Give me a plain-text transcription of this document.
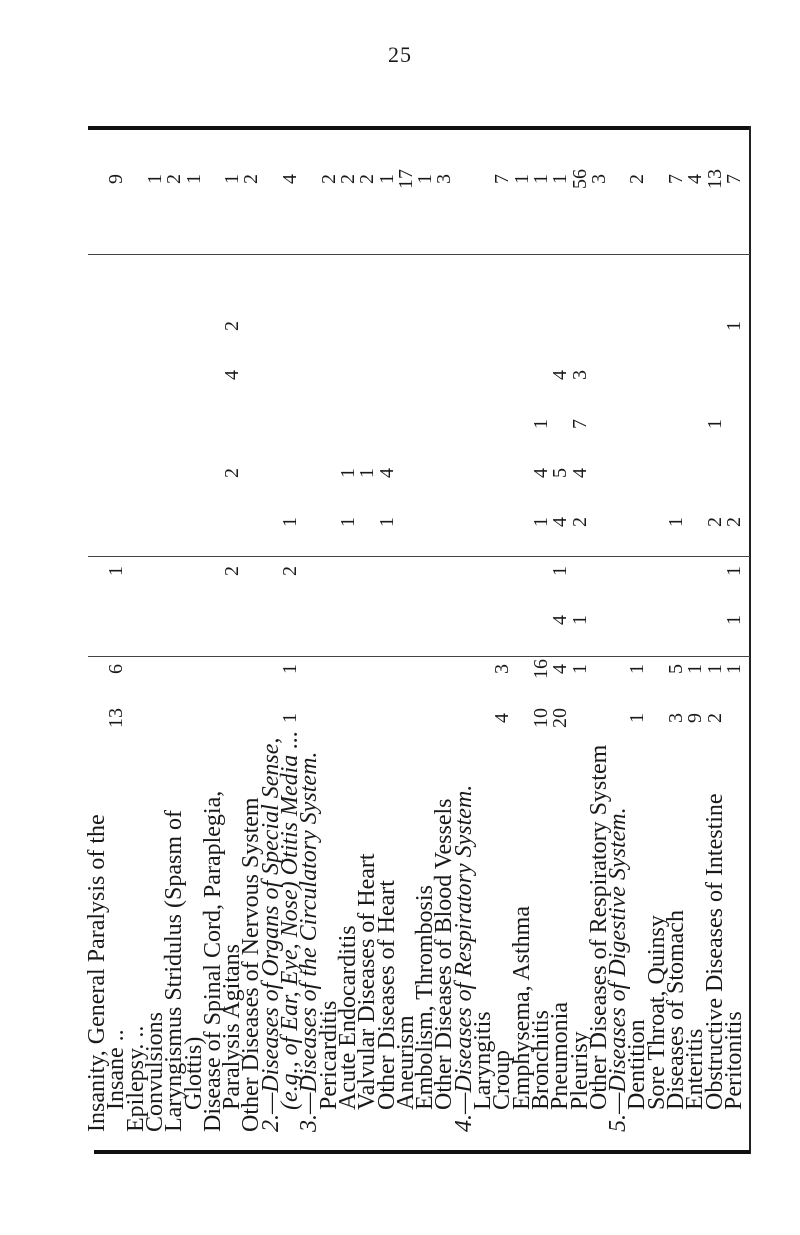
25
Insanity, General Paralysis of the
Insane ..
13
6
1
9
Epilepsy. ..
Convulsions
1
Laryngismus Stridulus (Spasm of
2
Glottis)
1
Disease of Spinal Cord, Paraplegia,
Paralysis Agitans
2
2
4
2
1
Other Diseases of Nervous System
2
2.—Diseases of Organs of Special Sense,
(e.g., of Ear, Eye, Nose) Otitis Media ...
1
1
2
1
4
3.—Diseases of the Circulatory System.
Pericarditis
2
Acute Endocarditis
1
1
2
Valvular Diseases of Heart
1
2
Other Diseases of Heart
1
4
1
Aneurism
17
Embolism, Thrombosis
1
Other Diseases of Blood Vessels
3
4.—Diseases of Respiratory System.
Laryngitis
Croup
4
3
7
Emphysema, Asthma
1
Bronchitis
10
16
1
4
1
1
Pneumonia
20
4
4
1
4
5
4
1
Pleurisy
1
1
2
4
7
3
56
Other Diseases of Respiratory System
3
5.—Diseases of Digestive System.
Dentition
1
1
2
Sore Throat, Quinsy
Diseases of Stomach
3
5
1
7
Enteritis
9
1
4
Obstructive Diseases of Intestine
2
1
2
1
13
Peritonitis
1
1
1
2
1
7
